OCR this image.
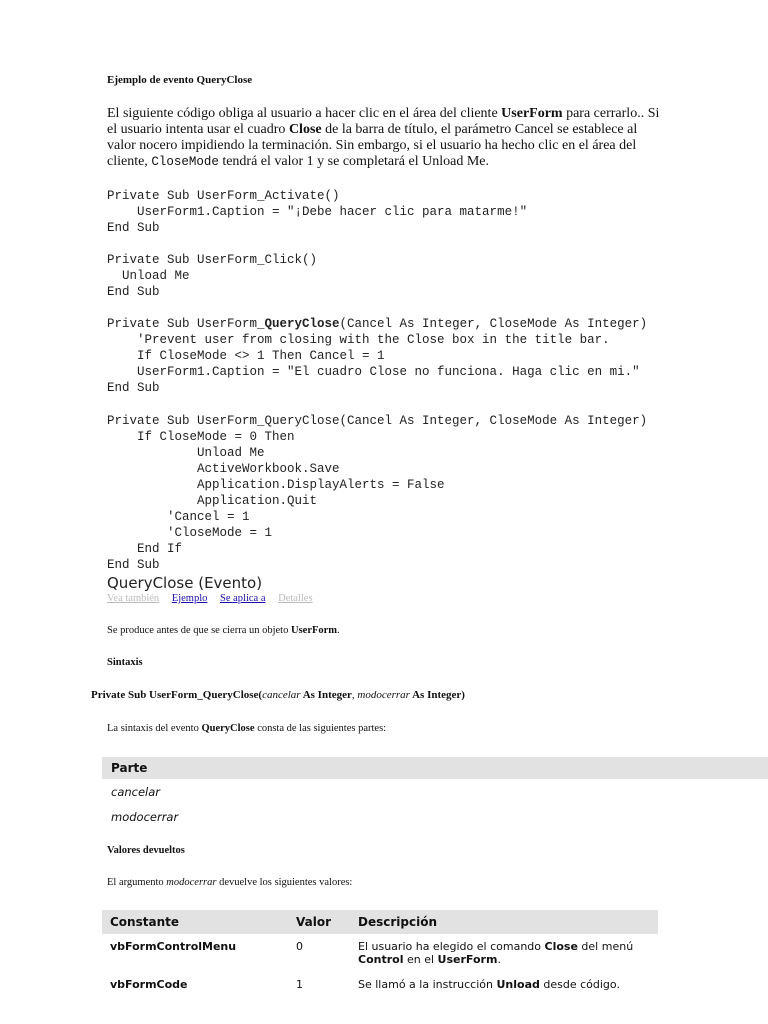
Ejemplo de evento QueryClose
El siguiente código obliga al usuario a hacer clic en el área del cliente UserForm para cerrarlo.. Si el usuario intenta usar el cuadro Close de la barra de título, el parámetro Cancel se establece al valor nocero impidiendo la terminación. Sin embargo, si el usuario ha hecho clic en el área del cliente, CloseMode tendrá el valor 1 y se completará el Unload Me.
Private Sub UserForm_Activate()
UserForm1.Caption = "¡Debe hacer clic para matarme!"
End Sub
Private Sub UserForm_Click()
Unload Me
End Sub
Private Sub UserForm_QueryClose(Cancel As Integer, CloseMode As Integer)
'Prevent user from closing with the Close box in the title bar.
If CloseMode <> 1 Then Cancel = 1
UserForm1.Caption = "El cuadro Close no funciona. Haga clic en mi."
End Sub
Private Sub UserForm_QueryClose(Cancel As Integer, CloseMode As Integer)
If CloseMode = 0 Then
Unload Me
ActiveWorkbook.Save
Application.DisplayAlerts = False
Application.Quit
'Cancel = 1
'CloseMode = 1
End If
End Sub
QueryClose (Evento)
Vea también Ejemplo Se aplica a Detalles
Se produce antes de que se cierra un objeto UserForm.
Sintaxis
Private Sub UserForm_QueryClose(cancelar As Integer, modocerrar As Integer)
La sintaxis del evento QueryClose consta de las siguientes partes:
Parte
cancelar
modocerrar
Valores devueltos
El argumento modocerrar devuelve los siguientes valores:
Constante	Valor	Descripción
vbFormControlMenu	0	El usuario ha elegido el comando Close del menú Control en el UserForm.
vbFormCode	1	Se llamó a la instrucción Unload desde código.
